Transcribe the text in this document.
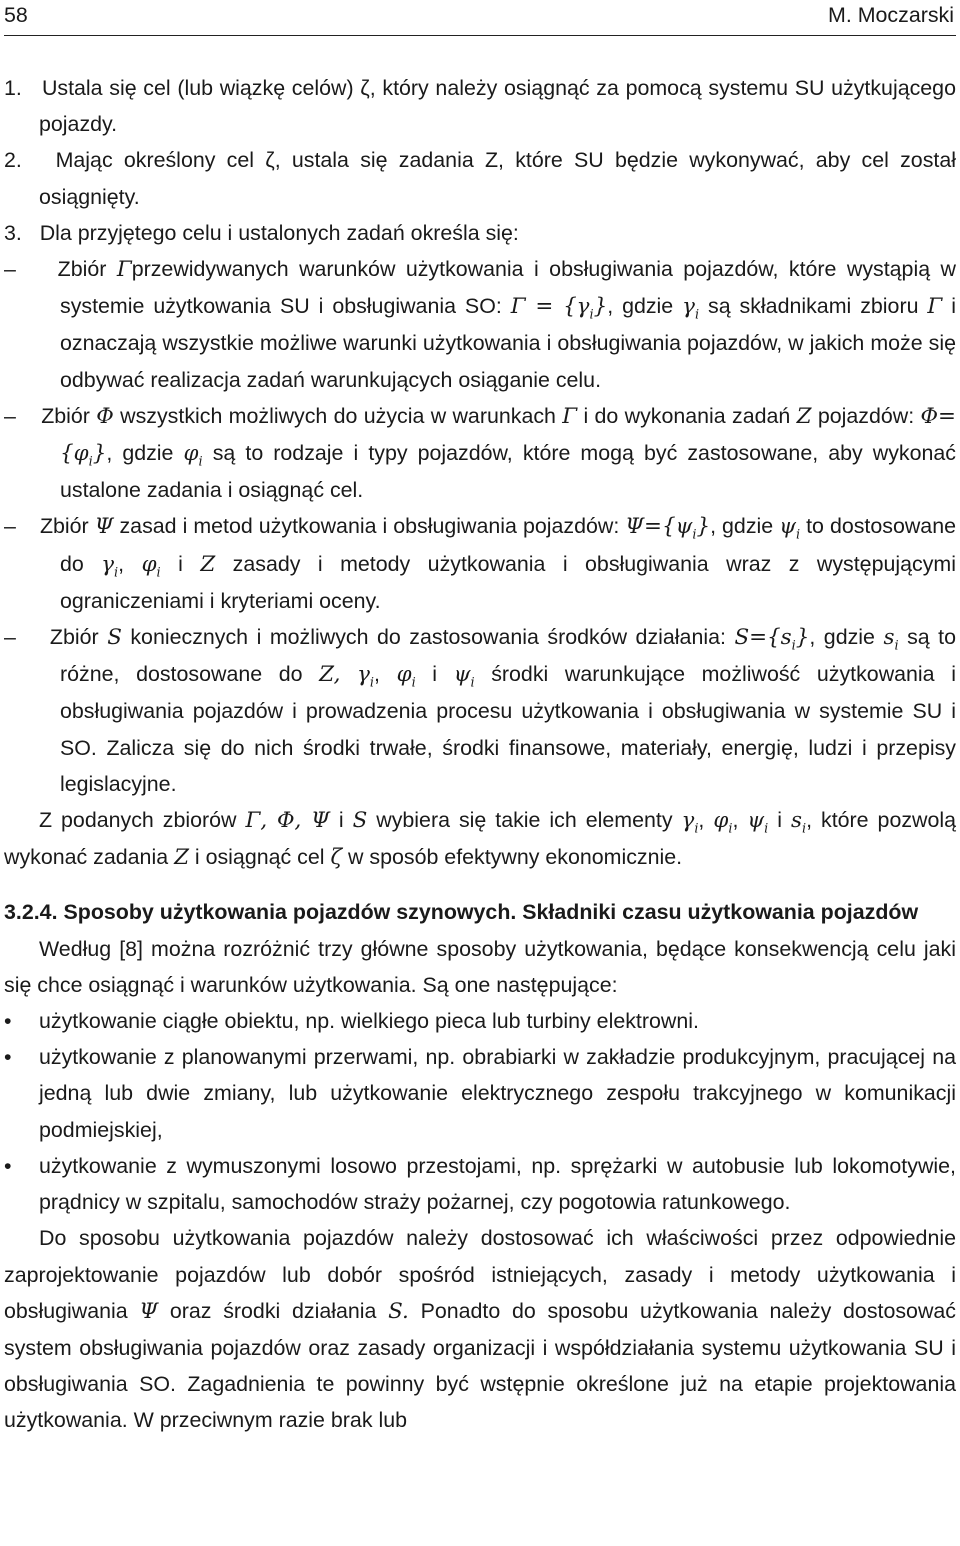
58	M. Moczarski

1. Ustala się cel (lub wiązkę celów) ζ, który należy osiągnąć za pomocą systemu SU użytkującego pojazdy.

2. Mając określony cel ζ, ustala się zadania Z, które SU będzie wykonywać, aby cel został osiągnięty.

3. Dla przyjętego celu i ustalonych zadań określa się:

–    Zbiór Γprzewidywanych warunków użytkowania i obsługiwania pojazdów, które wystąpią w systemie użytkowania SU i obsługiwania SO: $\Gamma = \{\gamma_i\}$, gdzie $\gamma_i$ są składnikami zbioru Γ i oznaczają wszystkie możliwe warunki użytkowania i obsługiwania pojazdów, w jakich może się odbywać realizacja zadań warunkujących osiąganie celu.

–    Zbiór Φ wszystkich możliwych do użycia w warunkach Γ i do wykonania zadań Z pojazdów: $\Phi=\{\varphi_i\}$, gdzie $\varphi_i$ są to rodzaje i typy pojazdów, które mogą być zastosowane, aby wykonać ustalone zadania i osiągnąć cel.

–    Zbiór Ψ zasad i metod użytkowania i obsługiwania pojazdów: $\Psi=\{\psi_i\}$, gdzie $\psi_i$ to dostosowane do $\gamma_i$, $\varphi_i$ i Z zasady i metody użytkowania i obsługiwania wraz z występującymi ograniczeniami i kryteriami oceny.

–    Zbiór S koniecznych i możliwych do zastosowania środków działania: $S=\{s_i\}$, gdzie $s_i$ są to różne, dostosowane do Z, $\gamma_i$, $\varphi_i$ i $\psi_i$ środki warunkujące możliwość użytkowania i obsługiwania pojazdów i prowadzenia procesu użytkowania i obsługiwania w systemie SU i SO. Zalicza się do nich środki trwałe, środki finansowe, materiały, energię, ludzi i przepisy legislacyjne.

Z podanych zbiorów Γ, Φ, Ψ i S wybiera się takie ich elementy $\gamma_i$, $\varphi_i$, $\psi_i$ i $s_i$, które pozwolą wykonać zadania Z i osiągnąć cel ζ w sposób efektywny ekonomicznie.

3.2.4. Sposoby użytkowania pojazdów szynowych. Składniki czasu użytkowania pojazdów

Według [8] można rozróżnić trzy główne sposoby użytkowania, będące konsekwencją celu jaki się chce osiągnąć i warunków użytkowania. Są one następujące:

• użytkowanie ciągłe obiektu, np. wielkiego pieca lub turbiny elektrowni.

• użytkowanie z planowanymi przerwami, np. obrabiarki w zakładzie produkcyjnym, pracującej na jedną lub dwie zmiany, lub użytkowanie elektrycznego zespołu trakcyjnego w komunikacji podmiejskiej,

• użytkowanie z wymuszonymi losowo przestojami, np. sprężarki w autobusie lub lokomotywie, prądnicy w szpitalu, samochodów straży pożarnej, czy pogotowia ratunkowego.

Do sposobu użytkowania pojazdów należy dostosować ich właściwości przez odpowiednie zaprojektowanie pojazdów lub dobór spośród istniejących, zasady i metody użytkowania i obsługiwania Ψ oraz środki działania S. Ponadto do sposobu użytkowania należy dostosować system obsługiwania pojazdów oraz zasady organizacji i współdziałania systemu użytkowania SU i obsługiwania SO. Zagadnienia te powinny być wstępnie określone już na etapie projektowania użytkowania. W przeciwnym razie brak lub
